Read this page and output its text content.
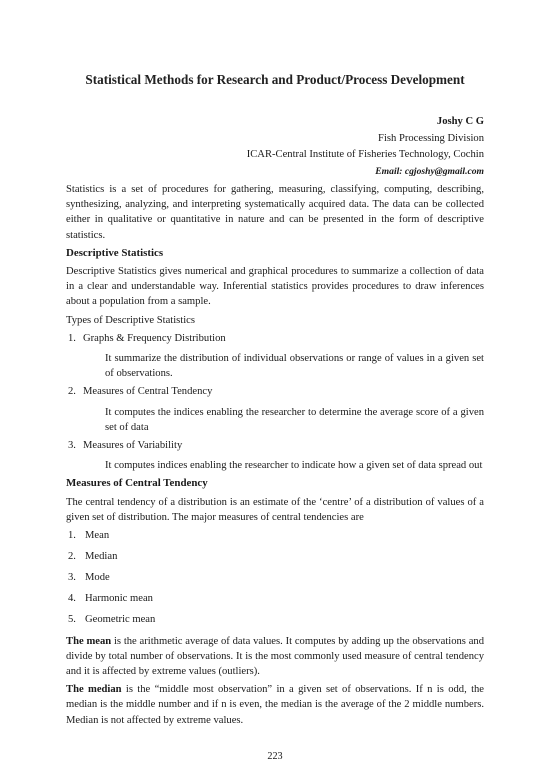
Statistical Methods for Research and Product/Process Development
Joshy C G
Fish Processing Division
ICAR-Central Institute of Fisheries Technology, Cochin
Email: cgjoshy@gmail.com

Statistics is a set of procedures for gathering, measuring, classifying, computing, describing, synthesizing, analyzing, and interpreting systematically acquired data. The data can be collected either in qualitative or quantitative in nature and can be presented in the form of descriptive statistics.

Descriptive Statistics

Descriptive Statistics gives numerical and graphical procedures to summarize a collection of data in a clear and understandable way. Inferential statistics provides procedures to draw inferences about a population from a sample.

Types of Descriptive Statistics
1. Graphs & Frequency Distribution
It summarize the distribution of individual observations or range of values in a given set of observations.
2. Measures of Central Tendency
It computes the indices enabling the researcher to determine the average score of a given set of data
3. Measures of Variability
It computes indices enabling the researcher to indicate how a given set of data spread out
Measures of Central Tendency

The central tendency of a distribution is an estimate of the ‘centre’ of a distribution of values of a given set of distribution. The major measures of central tendencies are

1. Mean
2. Median
3. Mode
4. Harmonic mean
5. Geometric mean

The mean is the arithmetic average of data values. It computes by adding up the observations and divide by total number of observations. It is the most commonly used measure of central tendency and it is affected by extreme values (outliers).

The median is the “middle most observation” in a given set of observations. If n is odd, the median is the middle number and if n is even, the median is the average of the 2 middle numbers. Median is not affected by extreme values.

223
